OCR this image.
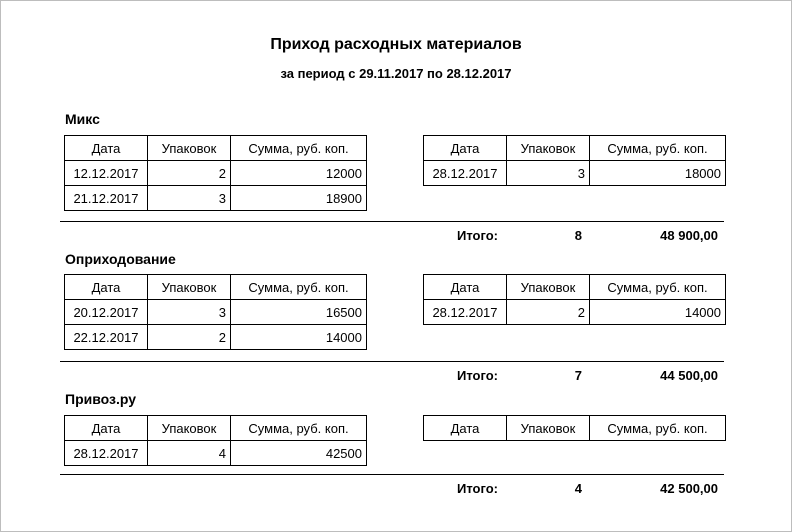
Приход расходных материалов
за период с 29.11.2017 по 28.12.2017
Микс
Дата	Упаковок	Сумма, руб. коп.
12.12.2017	2	12000
21.12.2017	3	18900
Дата	Упаковок	Сумма, руб. коп.
28.12.2017	3	18000
Итого:	8	48 900,00
Оприходование
Дата	Упаковок	Сумма, руб. коп.
20.12.2017	3	16500
22.12.2017	2	14000
Дата	Упаковок	Сумма, руб. коп.
28.12.2017	2	14000
Итого:	7	44 500,00
Привоз.ру
Дата	Упаковок	Сумма, руб. коп.
28.12.2017	4	42500
Дата	Упаковок	Сумма, руб. коп.
Итого:	4	42 500,00
